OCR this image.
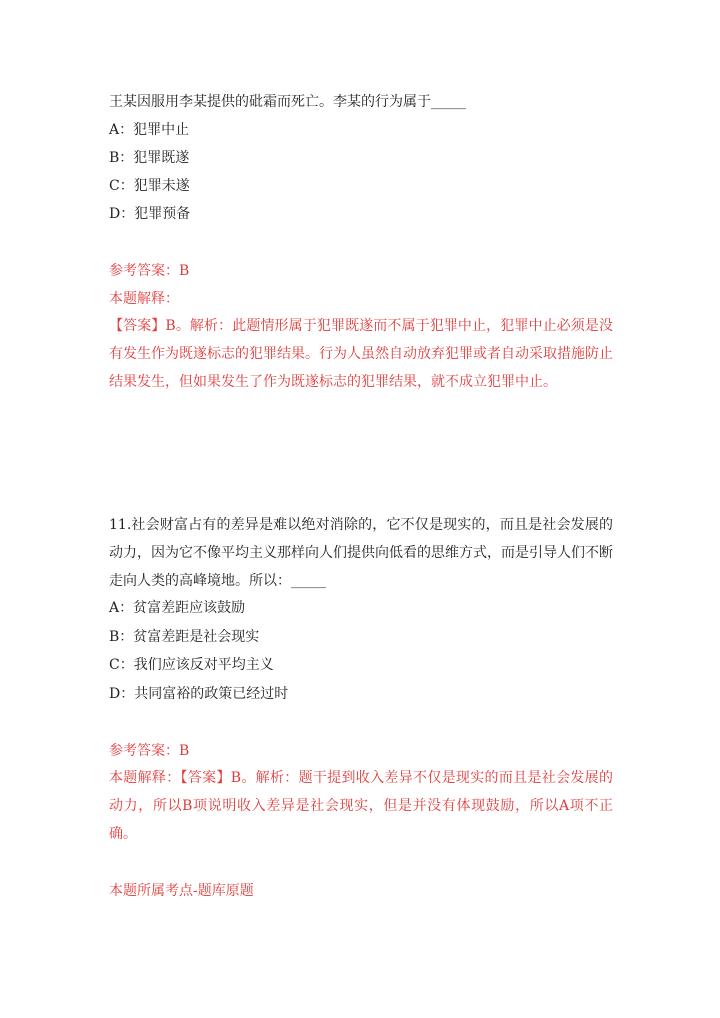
王某因服用李某提供的砒霜而死亡。李某的行为属于_____
A：犯罪中止
B：犯罪既遂
C：犯罪未遂
D：犯罪预备
参考答案：B
本题解释：
【答案】B。解析：此题情形属于犯罪既遂而不属于犯罪中止，犯罪中止必须是没有发生作为既遂标志的犯罪结果。行为人虽然自动放弃犯罪或者自动采取措施防止结果发生，但如果发生了作为既遂标志的犯罪结果，就不成立犯罪中止。
11.社会财富占有的差异是难以绝对消除的，它不仅是现实的，而且是社会发展的动力，因为它不像平均主义那样向人们提供向低看的思维方式，而是引导人们不断走向人类的高峰境地。所以：_____
A：贫富差距应该鼓励
B：贫富差距是社会现实
C：我们应该反对平均主义
D：共同富裕的政策已经过时
参考答案：B
本题解释：【答案】B。解析：题干提到收入差异不仅是现实的而且是社会发展的动力，所以B项说明收入差异是社会现实，但是并没有体现鼓励，所以A项不正确。
本题所属考点-题库原题
